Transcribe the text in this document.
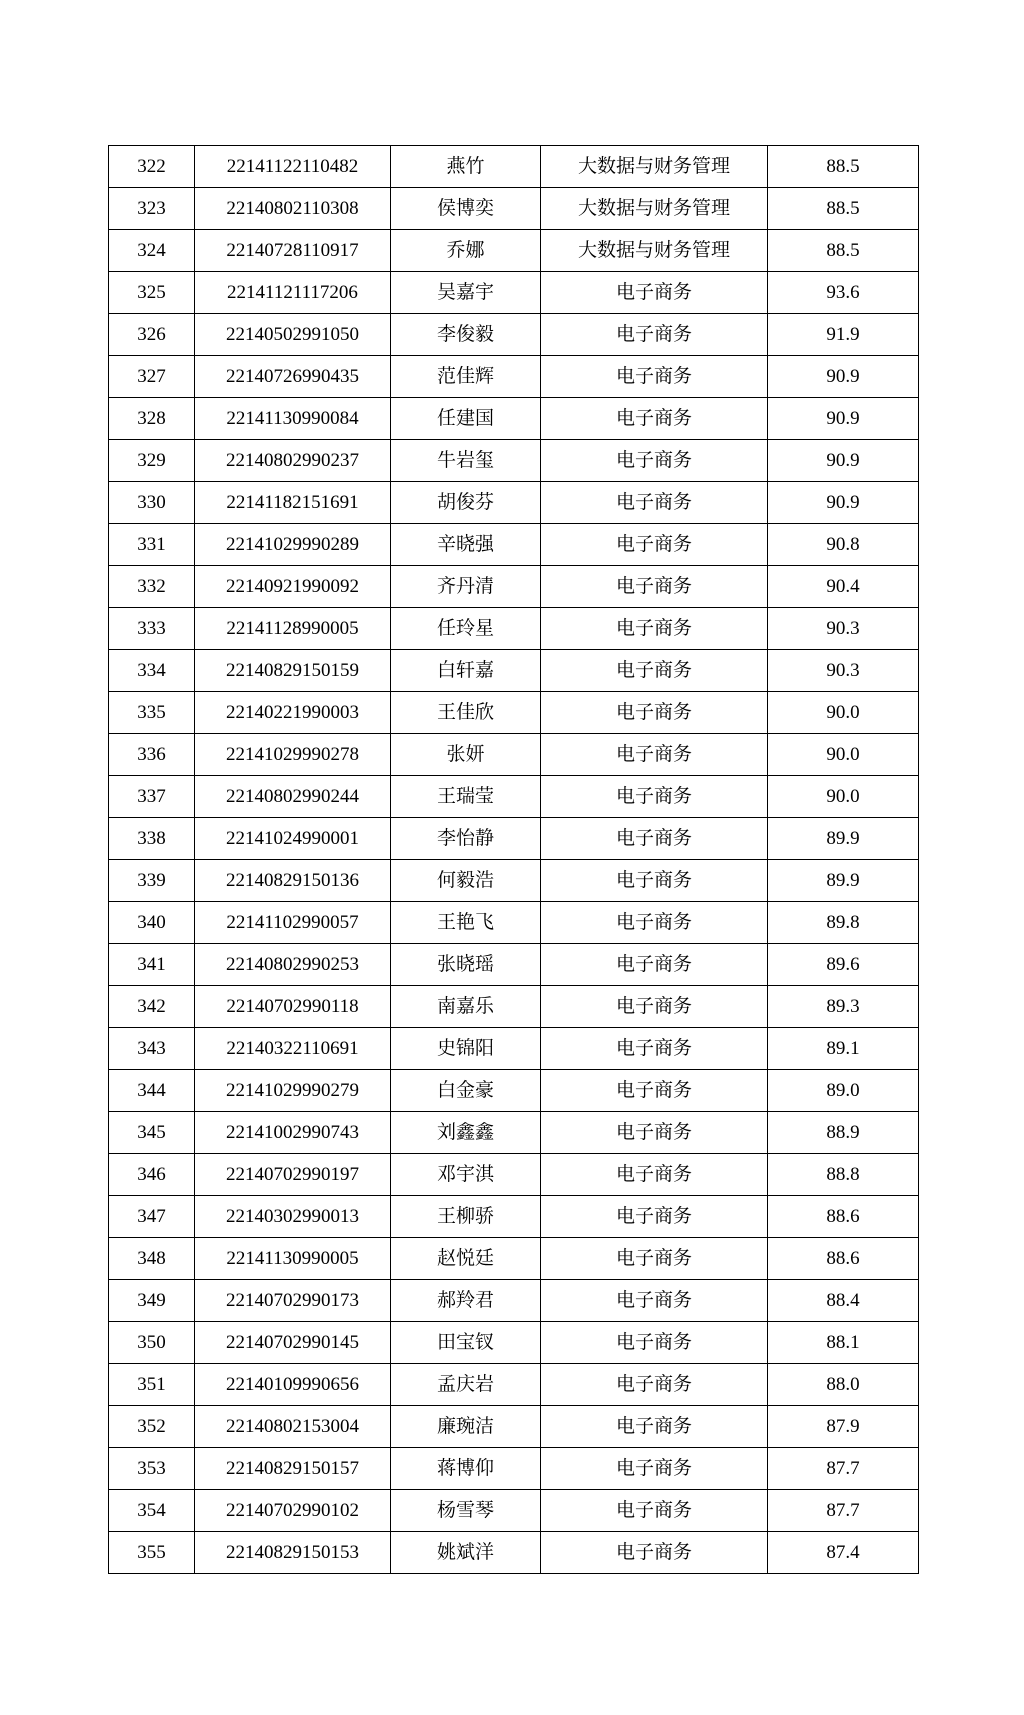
322	22141122110482	燕竹	大数据与财务管理	88.5
323	22140802110308	侯博奕	大数据与财务管理	88.5
324	22140728110917	乔娜	大数据与财务管理	88.5
325	22141121117206	吴嘉宇	电子商务	93.6
326	22140502991050	李俊毅	电子商务	91.9
327	22140726990435	范佳辉	电子商务	90.9
328	22141130990084	任建国	电子商务	90.9
329	22140802990237	牛岩玺	电子商务	90.9
330	22141182151691	胡俊芬	电子商务	90.9
331	22141029990289	辛晓强	电子商务	90.8
332	22140921990092	齐丹清	电子商务	90.4
333	22141128990005	任玲星	电子商务	90.3
334	22140829150159	白轩嘉	电子商务	90.3
335	22140221990003	王佳欣	电子商务	90.0
336	22141029990278	张妍	电子商务	90.0
337	22140802990244	王瑞莹	电子商务	90.0
338	22141024990001	李怡静	电子商务	89.9
339	22140829150136	何毅浩	电子商务	89.9
340	22141102990057	王艳飞	电子商务	89.8
341	22140802990253	张晓瑶	电子商务	89.6
342	22140702990118	南嘉乐	电子商务	89.3
343	22140322110691	史锦阳	电子商务	89.1
344	22141029990279	白金豪	电子商务	89.0
345	22141002990743	刘鑫鑫	电子商务	88.9
346	22140702990197	邓宇淇	电子商务	88.8
347	22140302990013	王柳骄	电子商务	88.6
348	22141130990005	赵悦廷	电子商务	88.6
349	22140702990173	郝羚君	电子商务	88.4
350	22140702990145	田宝钗	电子商务	88.1
351	22140109990656	孟庆岩	电子商务	88.0
352	22140802153004	廉琬洁	电子商务	87.9
353	22140829150157	蒋博仰	电子商务	87.7
354	22140702990102	杨雪琴	电子商务	87.7
355	22140829150153	姚斌洋	电子商务	87.4
